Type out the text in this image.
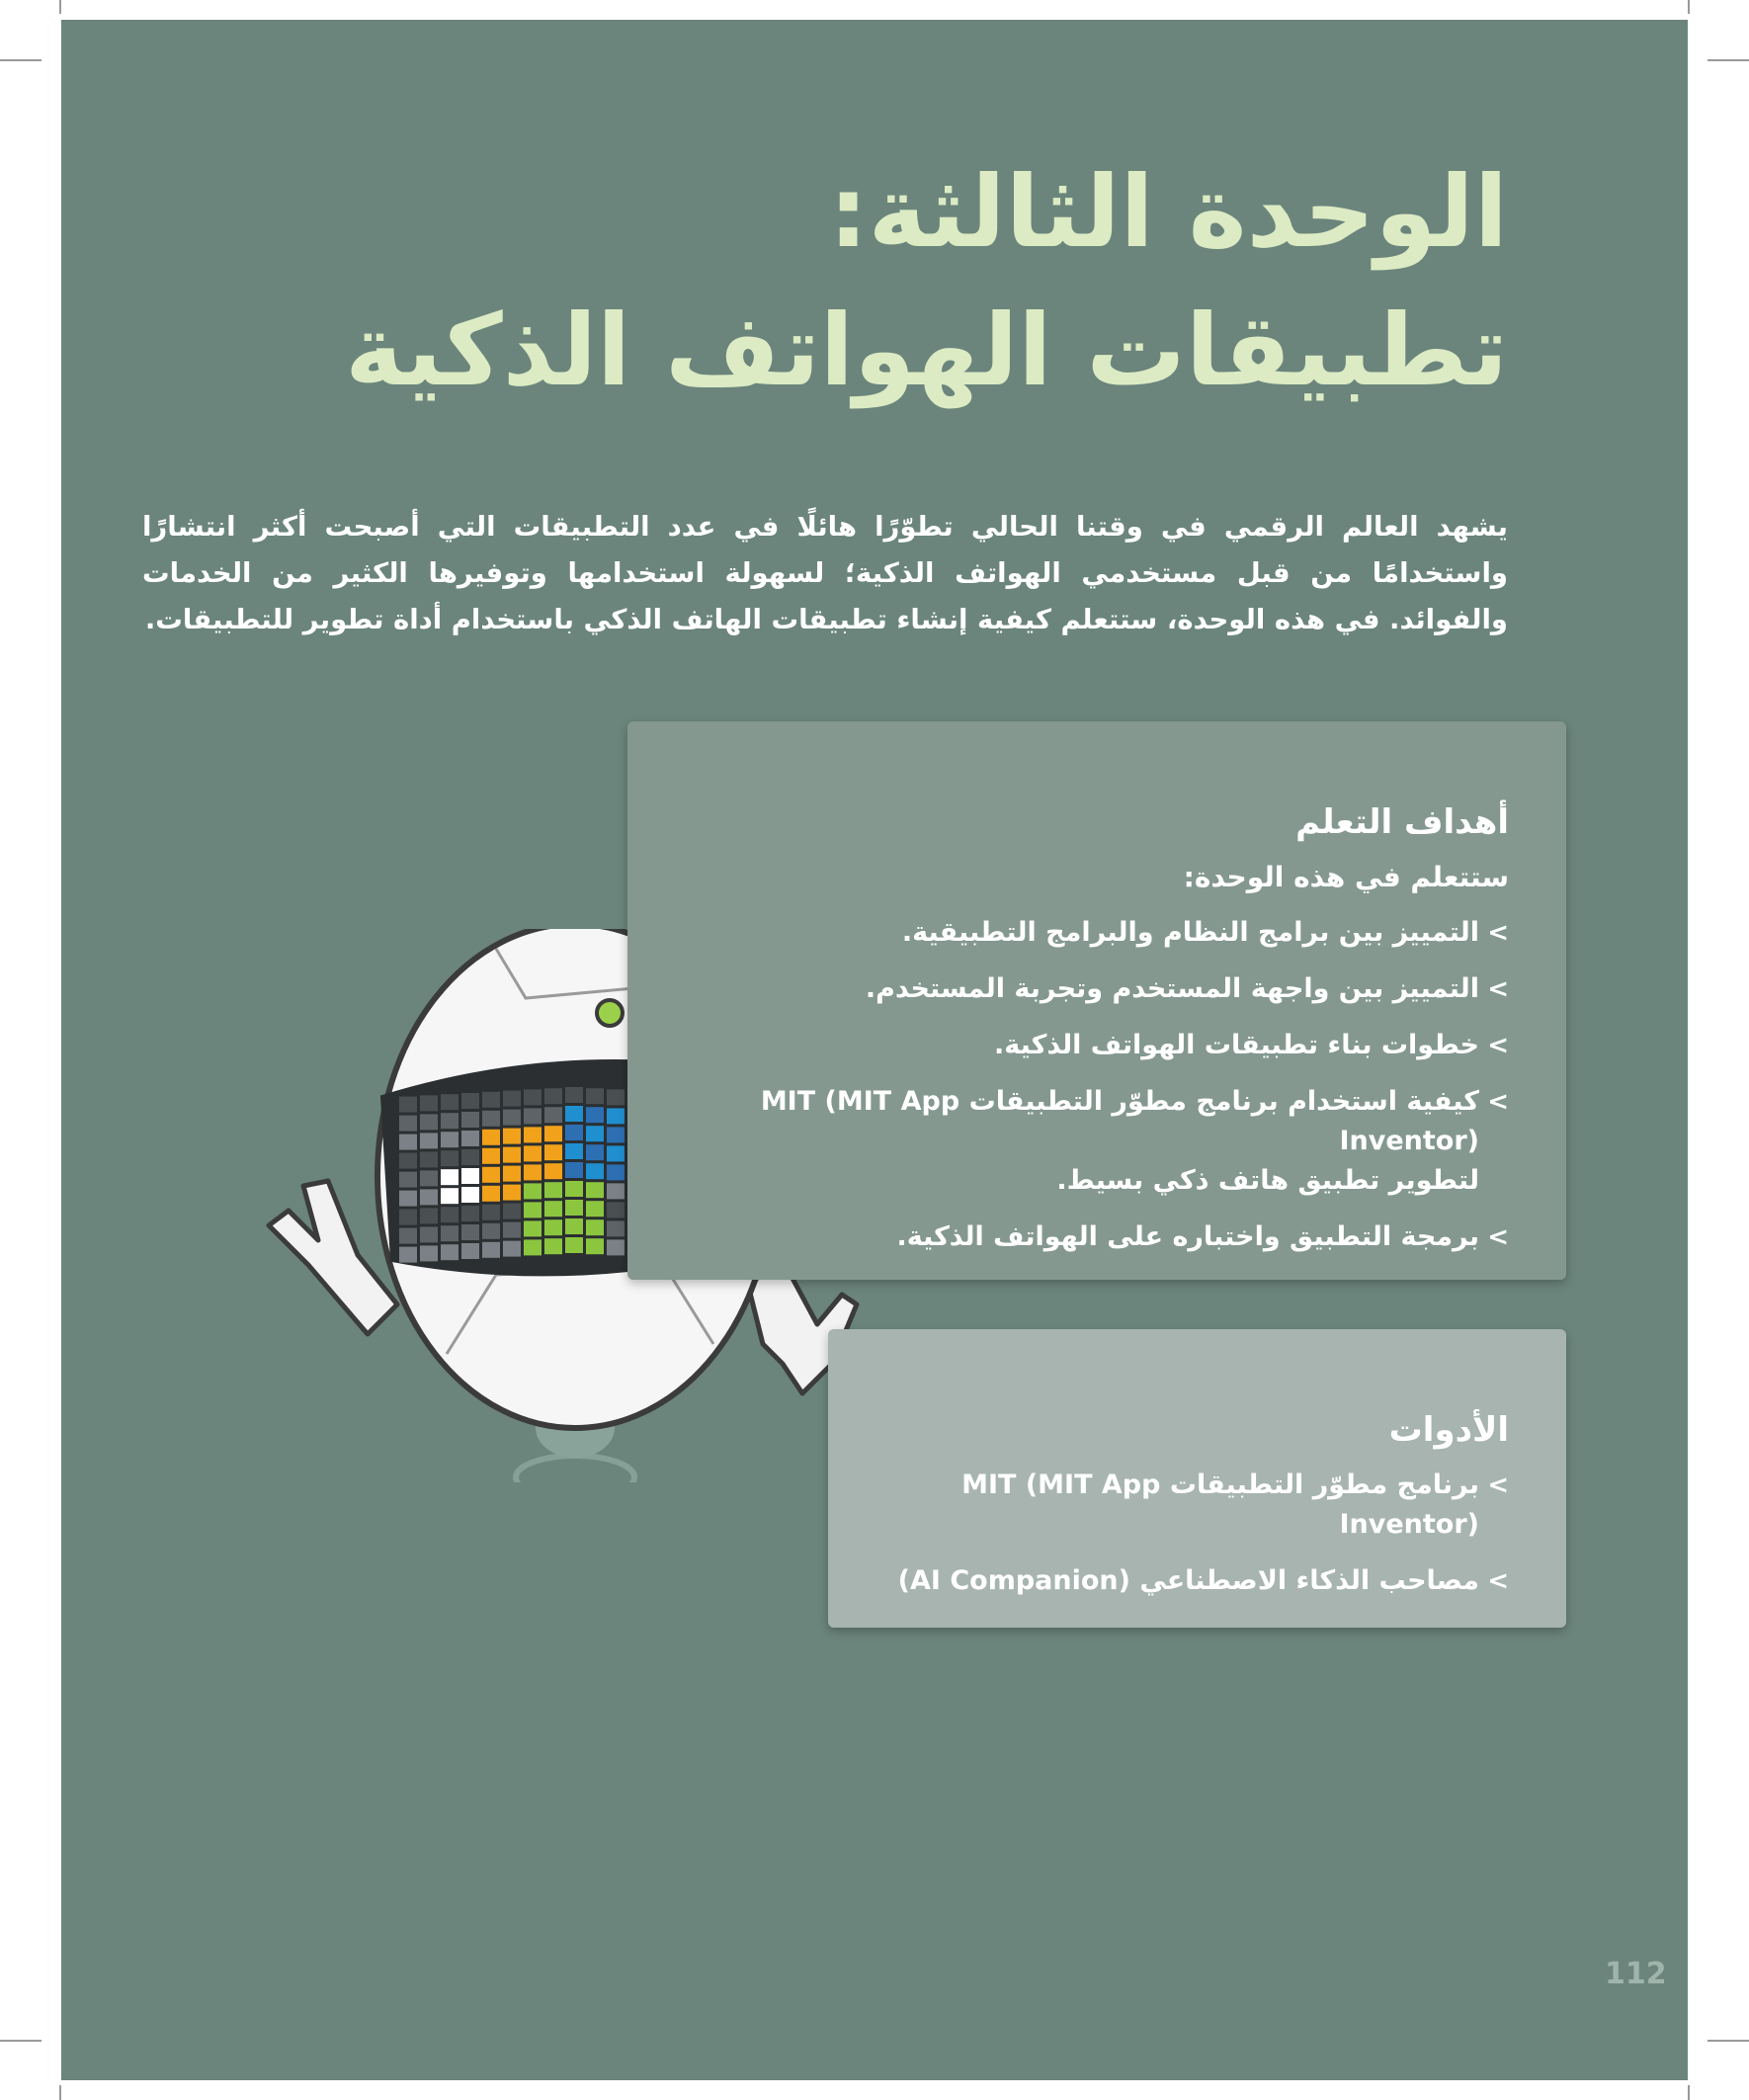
الوحدة الثالثة:
تطبيقات الهواتف الذكية
يشهد العالم الرقمي في وقتنا الحالي تطوّرًا هائلًا في عدد التطبيقات التي أصبحت أكثر انتشارًا واستخدامًا من قبل مستخدمي الهواتف الذكية؛ لسهولة استخدامها وتوفيرها الكثير من الخدمات والفوائد. في هذه الوحدة، ستتعلم كيفية إنشاء تطبيقات الهاتف الذكي باستخدام أداة تطوير للتطبيقات.
أهداف التعلم
ستتعلم في هذه الوحدة:
>
التمييز بين برامج النظام والبرامج التطبيقية.
>
التمييز بين واجهة المستخدم وتجربة المستخدم.
>
خطوات بناء تطبيقات الهواتف الذكية.
>
كيفية استخدام برنامج مطوّر التطبيقات MIT (MIT App Inventor)
لتطوير تطبيق هاتف ذكي بسيط.
>
برمجة التطبيق واختباره على الهواتف الذكية.
الأدوات
>
برنامج مطوّر التطبيقات MIT (MIT App Inventor)
>
مصاحب الذكاء الاصطناعي (AI Companion)
112
